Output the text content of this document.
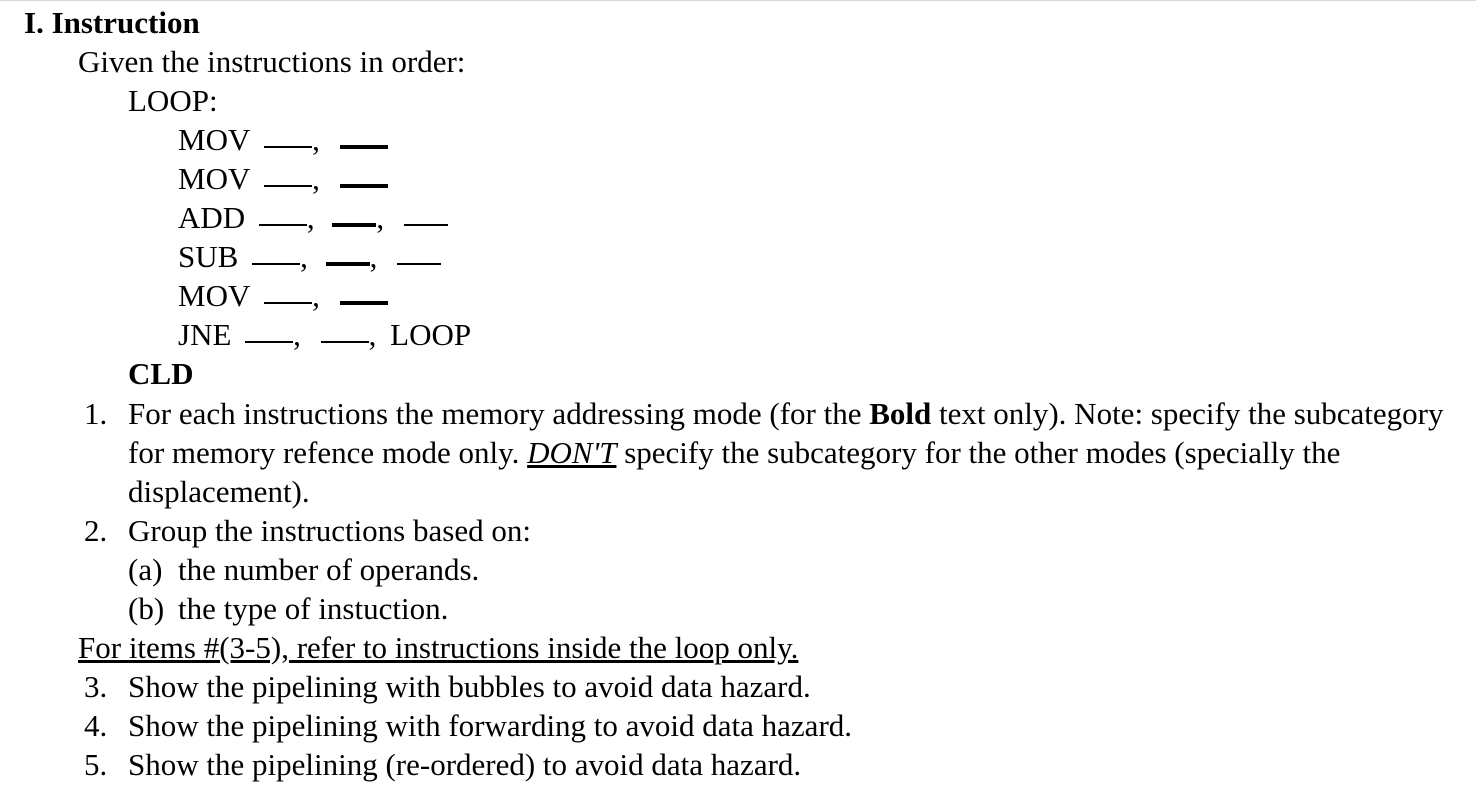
I. Instruction
Given the instructions in order:
LOOP:
MOV ,
MOV ,
ADD , ,
SUB , ,
MOV ,
JNE , , LOOP
CLD
1. For each instructions the memory addressing mode (for the Bold text only). Note: specify the subcategory for memory refence mode only. DON'T specify the subcategory for the other modes (specially the displacement).
2. Group the instructions based on:
(a) the number of operands.
(b) the type of instuction.
For items #(3-5), refer to instructions inside the loop only.
3. Show the pipelining with bubbles to avoid data hazard.
4. Show the pipelining with forwarding to avoid data hazard.
5. Show the pipelining (re-ordered) to avoid data hazard.
